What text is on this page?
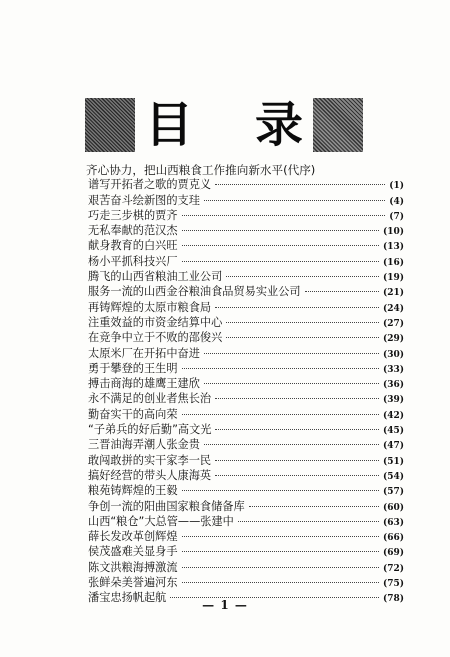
目 录
齐心协力，把山西粮食工作推向新水平(代序)
谱写开拓者之歌的贾克义	(1)
艰苦奋斗绘新图的支珪	(4)
巧走三步棋的贾齐	(7)
无私奉献的范汉杰	(10)
献身教育的白兴旺	(13)
杨小平抓科技兴厂	(16)
腾飞的山西省粮油工业公司	(19)
服务一流的山西金谷粮油食品贸易实业公司	(21)
再铸辉煌的太原市粮食局	(24)
注重效益的市资金结算中心	(27)
在竞争中立于不败的邵俊兴	(29)
太原米厂在开拓中奋进	(30)
勇于攀登的王生明	(33)
搏击商海的雄鹰王建欣	(36)
永不满足的创业者焦长治	(39)
勤奋实干的高向荣	(42)
“子弟兵的好后勤”高文光	(45)
三晋油海弄潮人张金贵	(47)
敢闯敢拼的实干家李一民	(51)
搞好经营的带头人康海英	(54)
粮苑铸辉煌的王毅	(57)
争创一流的阳曲国家粮食储备库	(60)
山西“粮仓”大总管——张建中	(63)
薛长发改革创辉煌	(66)
侯茂盛难关显身手	(69)
陈文洪粮海搏激流	(72)
张鲜朵美誉遍河东	(75)
潘宝忠扬帆起航	(78)
— 1 —
